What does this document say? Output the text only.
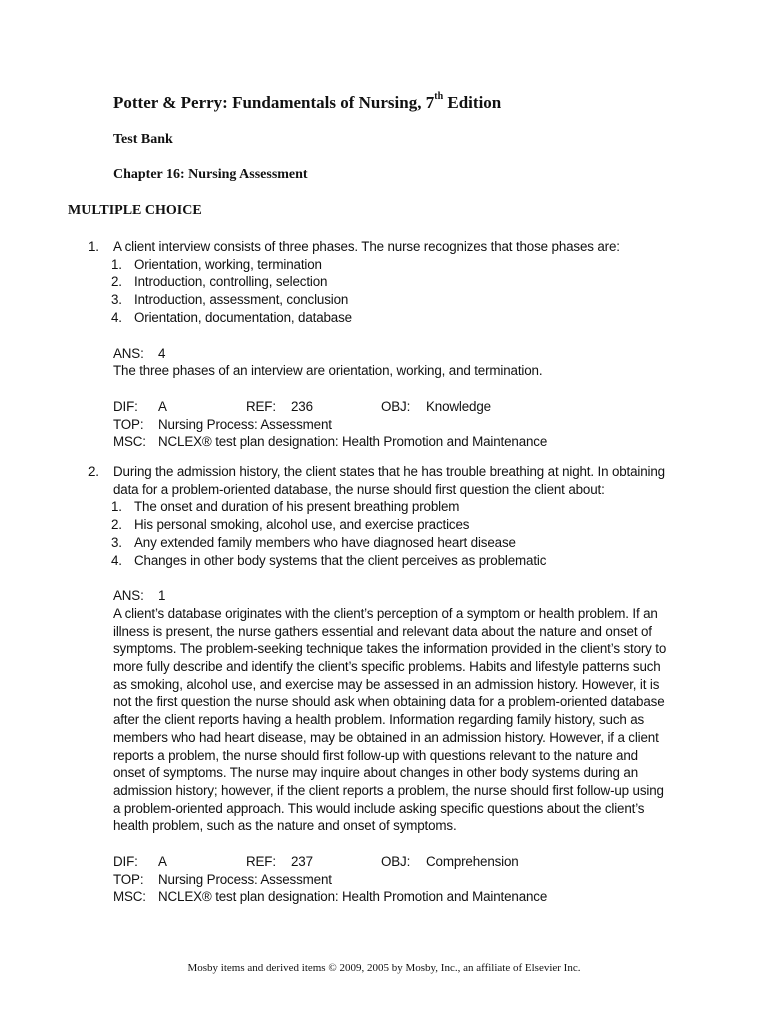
Potter & Perry: Fundamentals of Nursing, 7th Edition
Test Bank
Chapter 16: Nursing Assessment
MULTIPLE CHOICE
1.	A client interview consists of three phases. The nurse recognizes that those phases are:
1. Orientation, working, termination
2. Introduction, controlling, selection
3. Introduction, assessment, conclusion
4. Orientation, documentation, database
ANS:	4
The three phases of an interview are orientation, working, and termination.
DIF:	A	REF:	236	OBJ:	Knowledge
TOP:	Nursing Process: Assessment
MSC: NCLEX® test plan designation: Health Promotion and Maintenance
2.	During the admission history, the client states that he has trouble breathing at night. In obtaining data for a problem-oriented database, the nurse should first question the client about:
1. The onset and duration of his present breathing problem
2. His personal smoking, alcohol use, and exercise practices
3. Any extended family members who have diagnosed heart disease
4. Changes in other body systems that the client perceives as problematic
ANS:	1
A client’s database originates with the client’s perception of a symptom or health problem. If an illness is present, the nurse gathers essential and relevant data about the nature and onset of symptoms. The problem-seeking technique takes the information provided in the client’s story to more fully describe and identify the client’s specific problems. Habits and lifestyle patterns such as smoking, alcohol use, and exercise may be assessed in an admission history. However, it is not the first question the nurse should ask when obtaining data for a problem-oriented database after the client reports having a health problem. Information regarding family history, such as members who had heart disease, may be obtained in an admission history. However, if a client reports a problem, the nurse should first follow-up with questions relevant to the nature and onset of symptoms. The nurse may inquire about changes in other body systems during an admission history; however, if the client reports a problem, the nurse should first follow-up using a problem-oriented approach. This would include asking specific questions about the client’s health problem, such as the nature and onset of symptoms.
DIF:	A	REF:	237	OBJ:	Comprehension
TOP:	Nursing Process: Assessment
MSC: NCLEX® test plan designation: Health Promotion and Maintenance
Mosby items and derived items © 2009, 2005 by Mosby, Inc., an affiliate of Elsevier Inc.
